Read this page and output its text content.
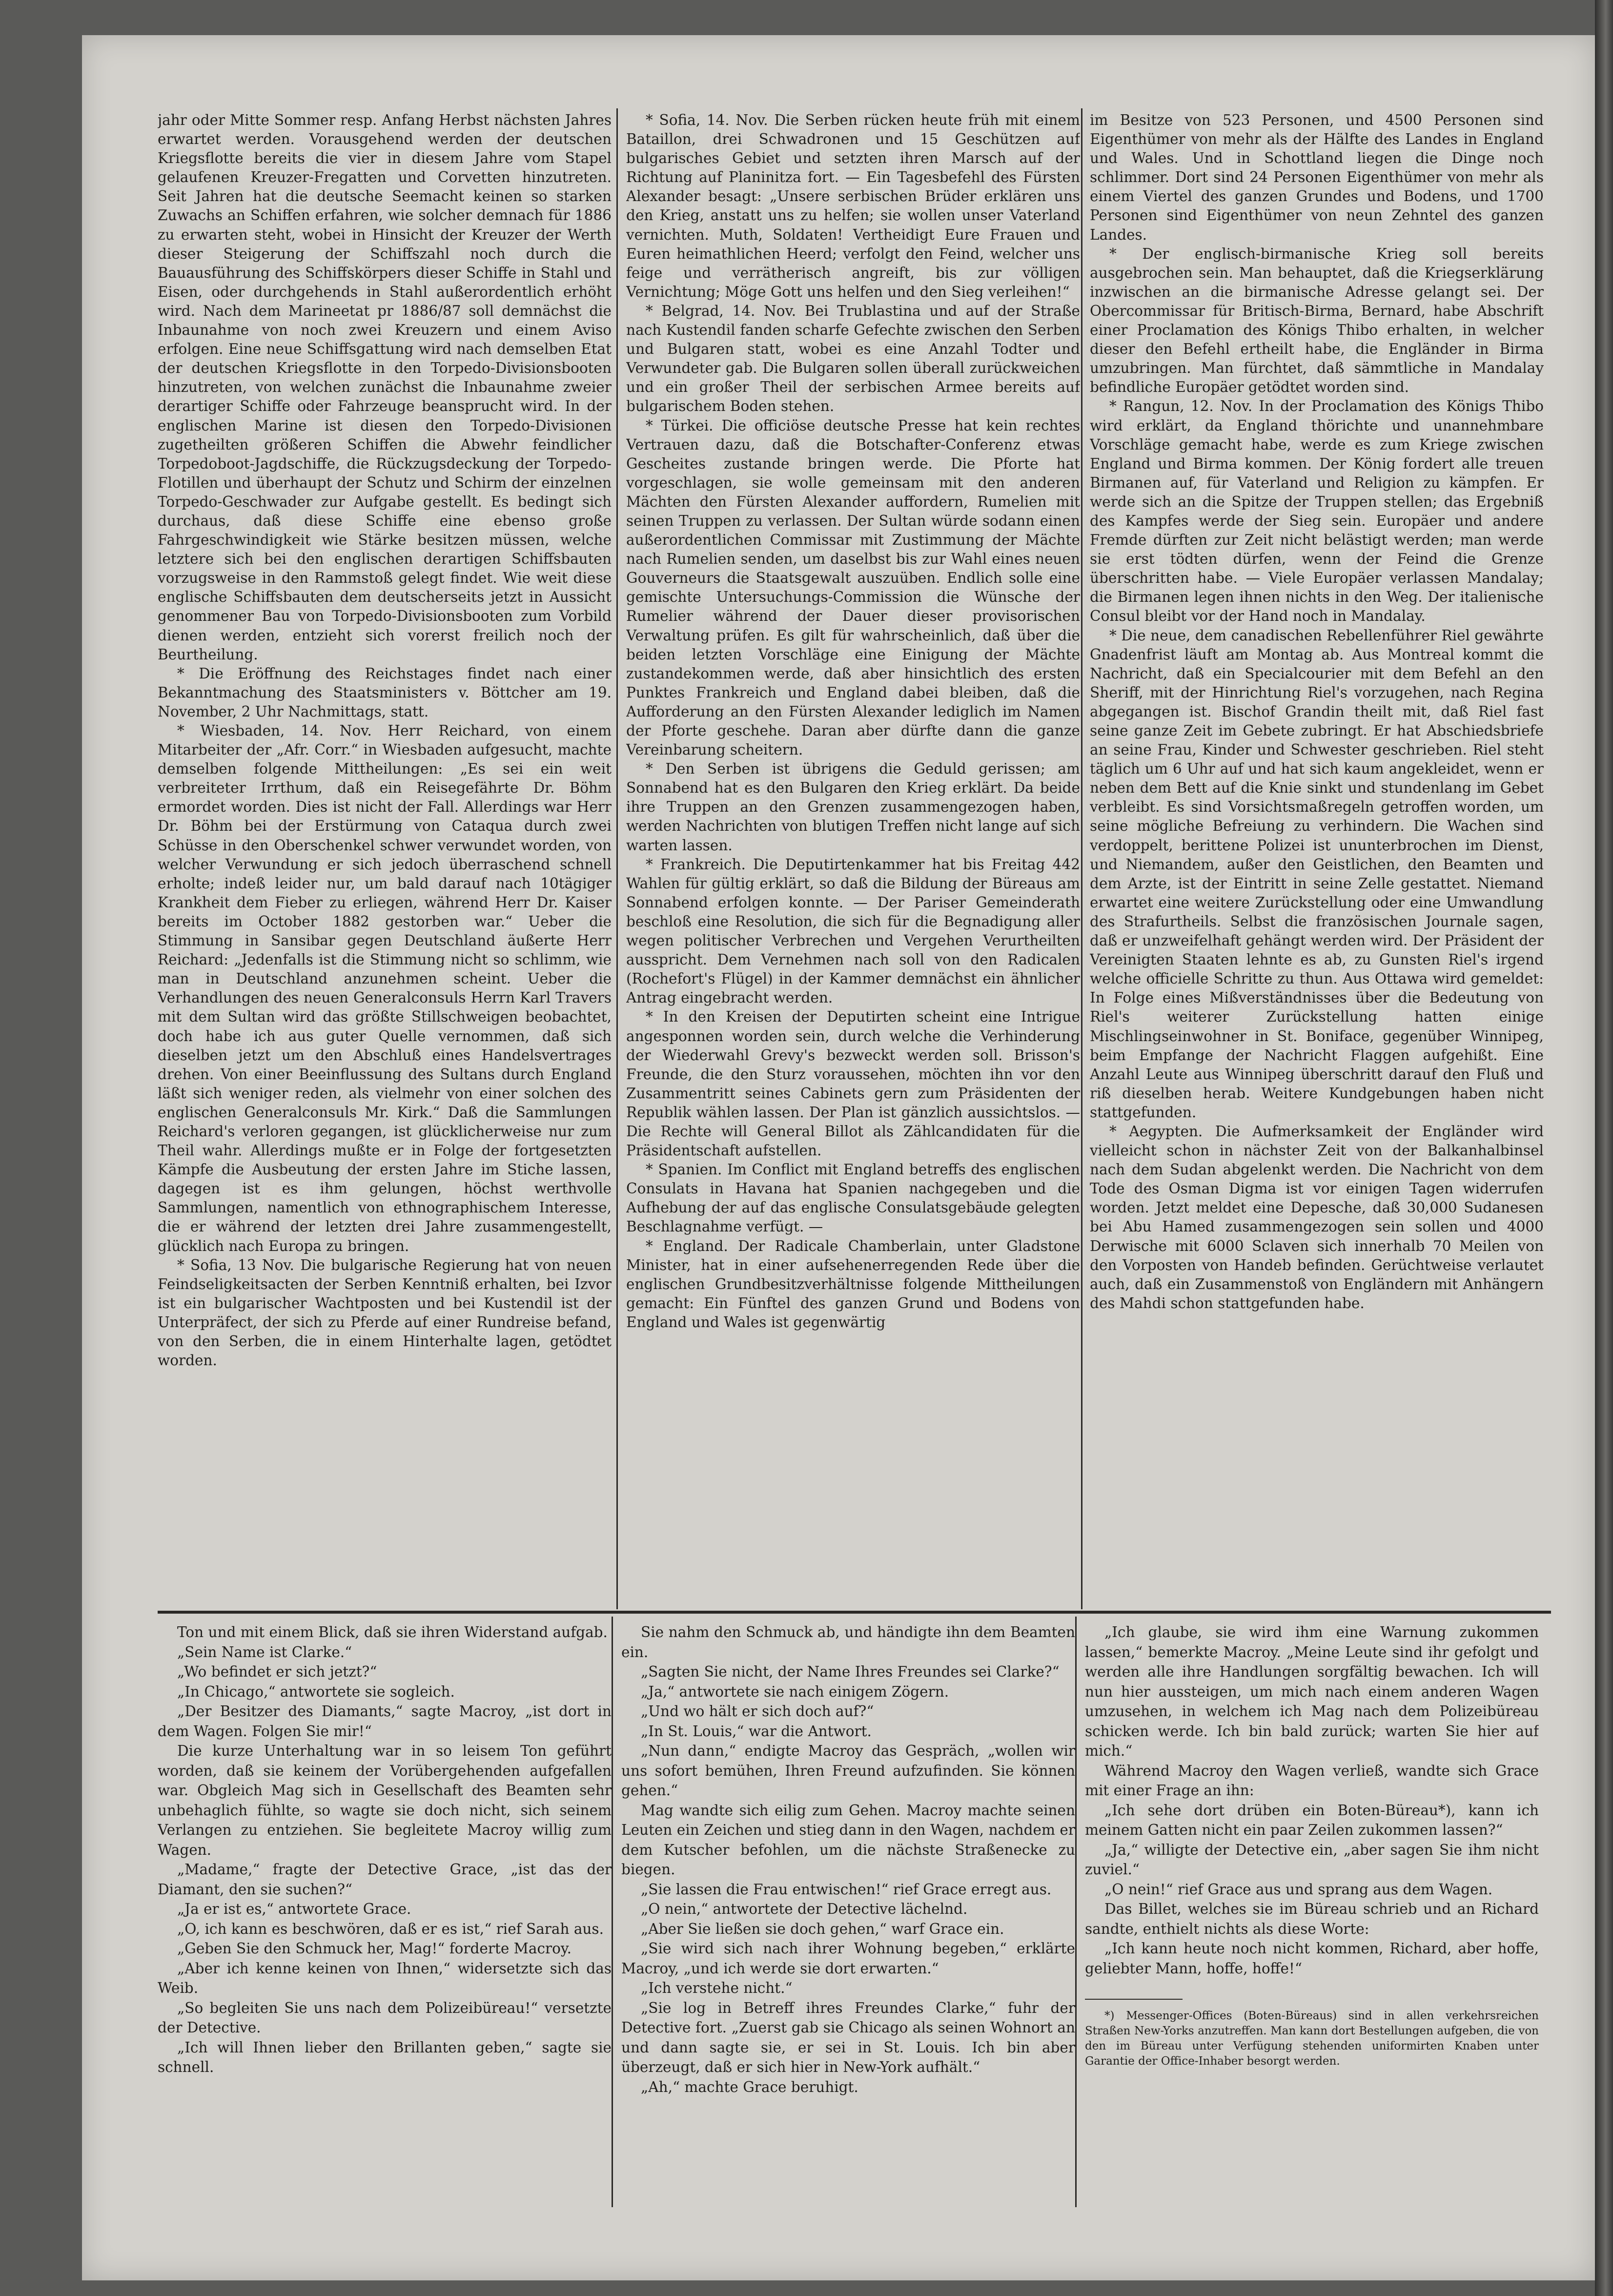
jahr oder Mitte Sommer resp. Anfang Herbst nächsten Jahres erwartet werden. Vorausgehend werden der deutschen Kriegsflotte bereits die vier in diesem Jahre vom Stapel gelaufenen Kreuzer-Fregatten und Corvetten hinzutreten. Seit Jahren hat die deutsche Seemacht keinen so starken Zuwachs an Schiffen erfahren, wie solcher demnach für 1886 zu erwarten steht, wobei in Hinsicht der Kreuzer der Werth dieser Steigerung der Schiffszahl noch durch die Bauausführung des Schiffskörpers dieser Schiffe in Stahl und Eisen, oder durchgehends in Stahl außerordentlich erhöht wird. Nach dem Marineetat pr 1886/87 soll demnächst die Inbaunahme von noch zwei Kreuzern und einem Aviso erfolgen. Eine neue Schiffsgattung wird nach demselben Etat der deutschen Kriegsflotte in den Torpedo-Divisionsbooten hinzutreten, von welchen zunächst die Inbaunahme zweier derartiger Schiffe oder Fahrzeuge beansprucht wird. In der englischen Marine ist diesen den Torpedo-Divisionen zugetheilten größeren Schiffen die Abwehr feindlicher Torpedoboot-Jagdschiffe, die Rückzugsdeckung der Torpedo-Flotillen und überhaupt der Schutz und Schirm der einzelnen Torpedo-Geschwader zur Aufgabe gestellt. Es bedingt sich durchaus, daß diese Schiffe eine ebenso große Fahrgeschwindigkeit wie Stärke besitzen müssen, welche letztere sich bei den englischen derartigen Schiffsbauten vorzugsweise in den Rammstoß gelegt findet. Wie weit diese englische Schiffsbauten dem deutscherseits jetzt in Aussicht genommener Bau von Torpedo-Divisionsbooten zum Vorbild dienen werden, entzieht sich vorerst freilich noch der Beurtheilung.

* Die Eröffnung des Reichstages findet nach einer Bekanntmachung des Staatsministers v. Böttcher am 19. November, 2 Uhr Nachmittags, statt.

* Wiesbaden, 14. Nov. Herr Reichard, von einem Mitarbeiter der „Afr. Corr.“ in Wiesbaden aufgesucht, machte demselben folgende Mittheilungen: „Es sei ein weit verbreiteter Irrthum, daß ein Reisegefährte Dr. Böhm ermordet worden. Dies ist nicht der Fall. Allerdings war Herr Dr. Böhm bei der Erstürmung von Cataqua durch zwei Schüsse in den Oberschenkel schwer verwundet worden, von welcher Verwundung er sich jedoch überraschend schnell erholte; indeß leider nur, um bald darauf nach 10tägiger Krankheit dem Fieber zu erliegen, während Herr Dr. Kaiser bereits im October 1882 gestorben war.“ Ueber die Stimmung in Sansibar gegen Deutschland äußerte Herr Reichard: „Jedenfalls ist die Stimmung nicht so schlimm, wie man in Deutschland anzunehmen scheint. Ueber die Verhandlungen des neuen Generalconsuls Herrn Karl Travers mit dem Sultan wird das größte Stillschweigen beobachtet, doch habe ich aus guter Quelle vernommen, daß sich dieselben jetzt um den Abschluß eines Handelsvertrages drehen. Von einer Beeinflussung des Sultans durch England läßt sich weniger reden, als vielmehr von einer solchen des englischen Generalconsuls Mr. Kirk.“ Daß die Sammlungen Reichard's verloren gegangen, ist glücklicherweise nur zum Theil wahr. Allerdings mußte er in Folge der fortgesetzten Kämpfe die Ausbeutung der ersten Jahre im Stiche lassen, dagegen ist es ihm gelungen, höchst werthvolle Sammlungen, namentlich von ethnographischem Interesse, die er während der letzten drei Jahre zusammengestellt, glücklich nach Europa zu bringen.

* Sofia, 13 Nov. Die bulgarische Regierung hat von neuen Feindseligkeitsacten der Serben Kenntniß erhalten, bei Izvor ist ein bulgarischer Wachtposten und bei Kustendil ist der Unterpräfect, der sich zu Pferde auf einer Rundreise befand, von den Serben, die in einem Hinterhalte lagen, getödtet worden.

* Sofia, 14. Nov. Die Serben rücken heute früh mit einem Bataillon, drei Schwadronen und 15 Geschützen auf bulgarisches Gebiet und setzten ihren Marsch auf der Richtung auf Planinitza fort. — Ein Tagesbefehl des Fürsten Alexander besagt: „Unsere serbischen Brüder erklären uns den Krieg, anstatt uns zu helfen; sie wollen unser Vaterland vernichten. Muth, Soldaten! Vertheidigt Eure Frauen und Euren heimathlichen Heerd; verfolgt den Feind, welcher uns feige und verrätherisch angreift, bis zur völligen Vernichtung; Möge Gott uns helfen und den Sieg verleihen!“

* Belgrad, 14. Nov. Bei Trublastina und auf der Straße nach Kustendil fanden scharfe Gefechte zwischen den Serben und Bulgaren statt, wobei es eine Anzahl Todter und Verwundeter gab. Die Bulgaren sollen überall zurückweichen und ein großer Theil der serbischen Armee bereits auf bulgarischem Boden stehen.

* Türkei. Die officiöse deutsche Presse hat kein rechtes Vertrauen dazu, daß die Botschafter-Conferenz etwas Gescheites zustande bringen werde. Die Pforte hat vorgeschlagen, sie wolle gemeinsam mit den anderen Mächten den Fürsten Alexander auffordern, Rumelien mit seinen Truppen zu verlassen. Der Sultan würde sodann einen außerordentlichen Commissar mit Zustimmung der Mächte nach Rumelien senden, um daselbst bis zur Wahl eines neuen Gouverneurs die Staatsgewalt auszuüben. Endlich solle eine gemischte Untersuchungs-Commission die Wünsche der Rumelier während der Dauer dieser provisorischen Verwaltung prüfen. Es gilt für wahrscheinlich, daß über die beiden letzten Vorschläge eine Einigung der Mächte zustandekommen werde, daß aber hinsichtlich des ersten Punktes Frankreich und England dabei bleiben, daß die Aufforderung an den Fürsten Alexander lediglich im Namen der Pforte geschehe. Daran aber dürfte dann die ganze Vereinbarung scheitern.

* Den Serben ist übrigens die Geduld gerissen; am Sonnabend hat es den Bulgaren den Krieg erklärt. Da beide ihre Truppen an den Grenzen zusammengezogen haben, werden Nachrichten von blutigen Treffen nicht lange auf sich warten lassen.

* Frankreich. Die Deputirtenkammer hat bis Freitag 442 Wahlen für gültig erklärt, so daß die Bildung der Büreaus am Sonnabend erfolgen konnte. — Der Pariser Gemeinderath beschloß eine Resolution, die sich für die Begnadigung aller wegen politischer Verbrechen und Vergehen Verurtheilten ausspricht. Dem Vernehmen nach soll von den Radicalen (Rochefort's Flügel) in der Kammer demnächst ein ähnlicher Antrag eingebracht werden.

* In den Kreisen der Deputirten scheint eine Intrigue angesponnen worden sein, durch welche die Verhinderung der Wiederwahl Grevy's bezweckt werden soll. Brisson's Freunde, die den Sturz voraussehen, möchten ihn vor den Zusammentritt seines Cabinets gern zum Präsidenten der Republik wählen lassen. Der Plan ist gänzlich aussichtslos. — Die Rechte will General Billot als Zählcandidaten für die Präsidentschaft aufstellen.

* Spanien. Im Conflict mit England betreffs des englischen Consulats in Havana hat Spanien nachgegeben und die Aufhebung der auf das englische Consulatsgebäude gelegten Beschlagnahme verfügt. —

* England. Der Radicale Chamberlain, unter Gladstone Minister, hat in einer aufsehenerregenden Rede über die englischen Grundbesitzverhältnisse folgende Mittheilungen gemacht: Ein Fünftel des ganzen Grund und Bodens von England und Wales ist gegenwärtig

im Besitze von 523 Personen, und 4500 Personen sind Eigenthümer von mehr als der Hälfte des Landes in England und Wales. Und in Schottland liegen die Dinge noch schlimmer. Dort sind 24 Personen Eigenthümer von mehr als einem Viertel des ganzen Grundes und Bodens, und 1700 Personen sind Eigenthümer von neun Zehntel des ganzen Landes.

* Der englisch-birmanische Krieg soll bereits ausgebrochen sein. Man behauptet, daß die Kriegserklärung inzwischen an die birmanische Adresse gelangt sei. Der Obercommissar für Britisch-Birma, Bernard, habe Abschrift einer Proclamation des Königs Thibo erhalten, in welcher dieser den Befehl ertheilt habe, die Engländer in Birma umzubringen. Man fürchtet, daß sämmtliche in Mandalay befindliche Europäer getödtet worden sind.

* Rangun, 12. Nov. In der Proclamation des Königs Thibo wird erklärt, da England thörichte und unannehmbare Vorschläge gemacht habe, werde es zum Kriege zwischen England und Birma kommen. Der König fordert alle treuen Birmanen auf, für Vaterland und Religion zu kämpfen. Er werde sich an die Spitze der Truppen stellen; das Ergebniß des Kampfes werde der Sieg sein. Europäer und andere Fremde dürften zur Zeit nicht belästigt werden; man werde sie erst tödten dürfen, wenn der Feind die Grenze überschritten habe. — Viele Europäer verlassen Mandalay; die Birmanen legen ihnen nichts in den Weg. Der italienische Consul bleibt vor der Hand noch in Mandalay.

* Die neue, dem canadischen Rebellenführer Riel gewährte Gnadenfrist läuft am Montag ab. Aus Montreal kommt die Nachricht, daß ein Specialcourier mit dem Befehl an den Sheriff, mit der Hinrichtung Riel's vorzugehen, nach Regina abgegangen ist. Bischof Grandin theilt mit, daß Riel fast seine ganze Zeit im Gebete zubringt. Er hat Abschiedsbriefe an seine Frau, Kinder und Schwester geschrieben. Riel steht täglich um 6 Uhr auf und hat sich kaum angekleidet, wenn er neben dem Bett auf die Knie sinkt und stundenlang im Gebet verbleibt. Es sind Vorsichtsmaßregeln getroffen worden, um seine mögliche Befreiung zu verhindern. Die Wachen sind verdoppelt, berittene Polizei ist ununterbrochen im Dienst, und Niemandem, außer den Geistlichen, den Beamten und dem Arzte, ist der Eintritt in seine Zelle gestattet. Niemand erwartet eine weitere Zurückstellung oder eine Umwandlung des Strafurtheils. Selbst die französischen Journale sagen, daß er unzweifelhaft gehängt werden wird. Der Präsident der Vereinigten Staaten lehnte es ab, zu Gunsten Riel's irgend welche officielle Schritte zu thun. Aus Ottawa wird gemeldet: In Folge eines Mißverständnisses über die Bedeutung von Riel's weiterer Zurückstellung hatten einige Mischlingseinwohner in St. Boniface, gegenüber Winnipeg, beim Empfange der Nachricht Flaggen aufgehißt. Eine Anzahl Leute aus Winnipeg überschritt darauf den Fluß und riß dieselben herab. Weitere Kundgebungen haben nicht stattgefunden.

* Aegypten. Die Aufmerksamkeit der Engländer wird vielleicht schon in nächster Zeit von der Balkanhalbinsel nach dem Sudan abgelenkt werden. Die Nachricht von dem Tode des Osman Digma ist vor einigen Tagen widerrufen worden. Jetzt meldet eine Depesche, daß 30,000 Sudanesen bei Abu Hamed zusammengezogen sein sollen und 4000 Derwische mit 6000 Sclaven sich innerhalb 70 Meilen von den Vorposten von Handeb befinden. Gerüchtweise verlautet auch, daß ein Zusammenstoß von Engländern mit Anhängern des Mahdi schon stattgefunden habe.

Ton und mit einem Blick, daß sie ihren Widerstand aufgab.

„Sein Name ist Clarke.“

„Wo befindet er sich jetzt?“

„In Chicago,“ antwortete sie sogleich.

„Der Besitzer des Diamants,“ sagte Macroy, „ist dort in dem Wagen. Folgen Sie mir!“

Die kurze Unterhaltung war in so leisem Ton geführt worden, daß sie keinem der Vorübergehenden aufgefallen war. Obgleich Mag sich in Gesellschaft des Beamten sehr unbehaglich fühlte, so wagte sie doch nicht, sich seinem Verlangen zu entziehen. Sie begleitete Macroy willig zum Wagen.

„Madame,“ fragte der Detective Grace, „ist das der Diamant, den sie suchen?“

„Ja er ist es,“ antwortete Grace.

„O, ich kann es beschwören, daß er es ist,“ rief Sarah aus.

„Geben Sie den Schmuck her, Mag!“ forderte Macroy.

„Aber ich kenne keinen von Ihnen,“ widersetzte sich das Weib.

„So begleiten Sie uns nach dem Polizeibüreau!“ versetzte der Detective.

„Ich will Ihnen lieber den Brillanten geben,“ sagte sie schnell.

Sie nahm den Schmuck ab, und händigte ihn dem Beamten ein.

„Sagten Sie nicht, der Name Ihres Freundes sei Clarke?“

„Ja,“ antwortete sie nach einigem Zögern.

„Und wo hält er sich doch auf?“

„In St. Louis,“ war die Antwort.

„Nun dann,“ endigte Macroy das Gespräch, „wollen wir uns sofort bemühen, Ihren Freund aufzufinden. Sie können gehen.“

Mag wandte sich eilig zum Gehen. Macroy machte seinen Leuten ein Zeichen und stieg dann in den Wagen, nachdem er dem Kutscher befohlen, um die nächste Straßenecke zu biegen.

„Sie lassen die Frau entwischen!“ rief Grace erregt aus.

„O nein,“ antwortete der Detective lächelnd.

„Aber Sie ließen sie doch gehen,“ warf Grace ein.

„Sie wird sich nach ihrer Wohnung begeben,“ erklärte Macroy, „und ich werde sie dort erwarten.“

„Ich verstehe nicht.“

„Sie log in Betreff ihres Freundes Clarke,“ fuhr der Detective fort. „Zuerst gab sie Chicago als seinen Wohnort an und dann sagte sie, er sei in St. Louis. Ich bin aber überzeugt, daß er sich hier in New-York aufhält.“

„Ah,“ machte Grace beruhigt.

„Ich glaube, sie wird ihm eine Warnung zukommen lassen,“ bemerkte Macroy. „Meine Leute sind ihr gefolgt und werden alle ihre Handlungen sorgfältig bewachen. Ich will nun hier aussteigen, um mich nach einem anderen Wagen umzusehen, in welchem ich Mag nach dem Polizeibüreau schicken werde. Ich bin bald zurück; warten Sie hier auf mich.“

Während Macroy den Wagen verließ, wandte sich Grace mit einer Frage an ihn:

„Ich sehe dort drüben ein Boten-Büreau*), kann ich meinem Gatten nicht ein paar Zeilen zukommen lassen?“

„Ja,“ willigte der Detective ein, „aber sagen Sie ihm nicht zuviel.“

„O nein!“ rief Grace aus und sprang aus dem Wagen.

Das Billet, welches sie im Büreau schrieb und an Richard sandte, enthielt nichts als diese Worte:

„Ich kann heute noch nicht kommen, Richard, aber hoffe, geliebter Mann, hoffe, hoffe!“

*) Messenger-Offices (Boten-Büreaus) sind in allen verkehrsreichen Straßen New-Yorks anzutreffen. Man kann dort Bestellungen aufgeben, die von den im Büreau unter Verfügung stehenden uniformirten Knaben unter Garantie der Office-Inhaber besorgt werden.
